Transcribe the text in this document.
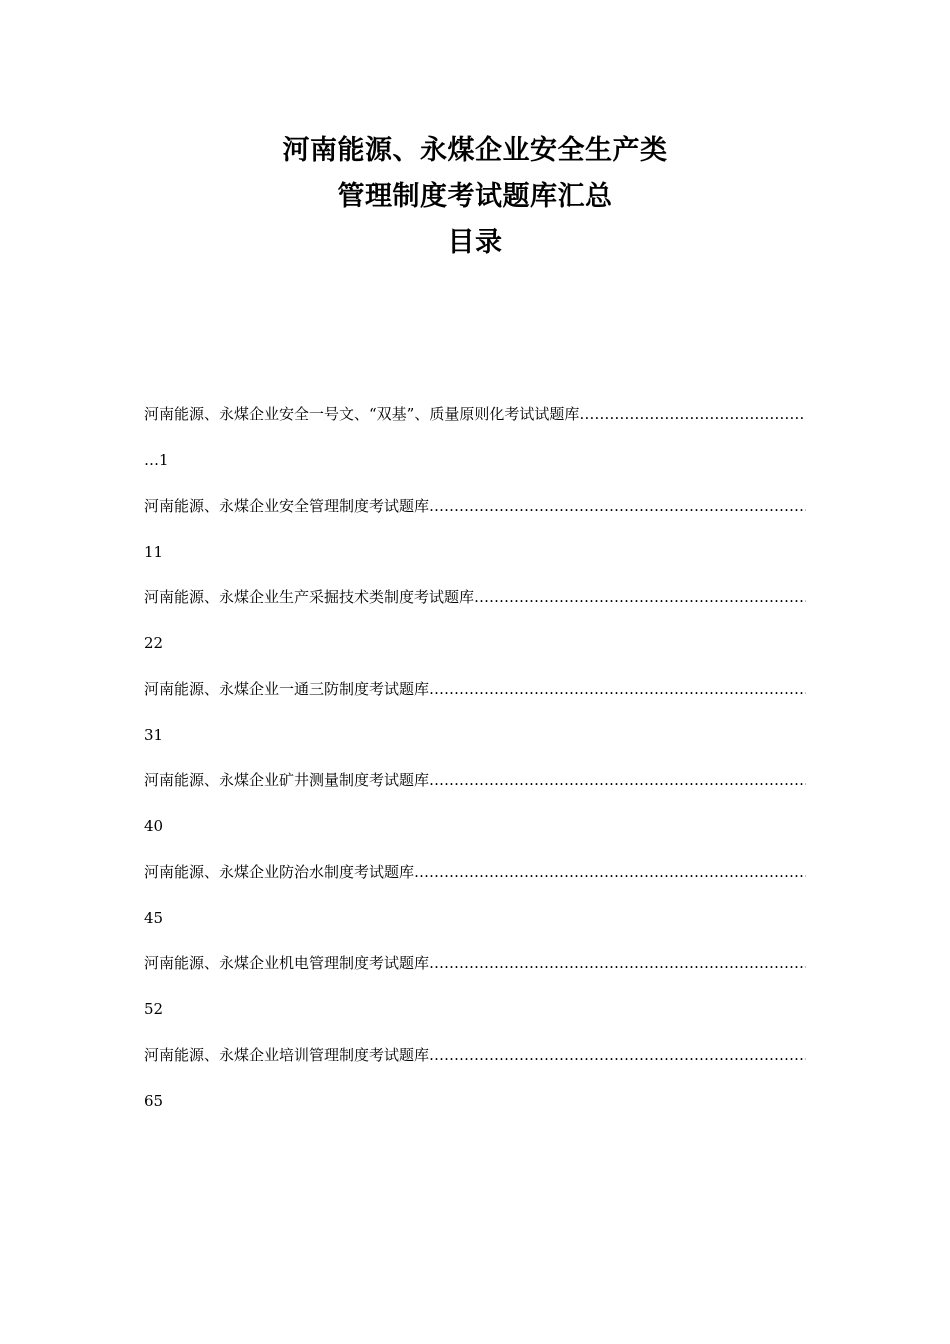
河南能源、永煤企业安全生产类
管理制度考试题库汇总
目录
河南能源、永煤企业安全一号文、“双基”、质量原则化考试试题库
……………………………………………………………………………………………………………………………………………………………………………………
…1
河南能源、永煤企业安全管理制度考试题库
……………………………………………………………………………………………………………………………………………………………………………………
11
河南能源、永煤企业生产采掘技术类制度考试题库
……………………………………………………………………………………………………………………………………………………………………………………
22
河南能源、永煤企业一通三防制度考试题库
……………………………………………………………………………………………………………………………………………………………………………………
31
河南能源、永煤企业矿井测量制度考试题库
……………………………………………………………………………………………………………………………………………………………………………………
40
河南能源、永煤企业防治水制度考试题库
……………………………………………………………………………………………………………………………………………………………………………………
45
河南能源、永煤企业机电管理制度考试题库
……………………………………………………………………………………………………………………………………………………………………………………
52
河南能源、永煤企业培训管理制度考试题库
……………………………………………………………………………………………………………………………………………………………………………………
65
